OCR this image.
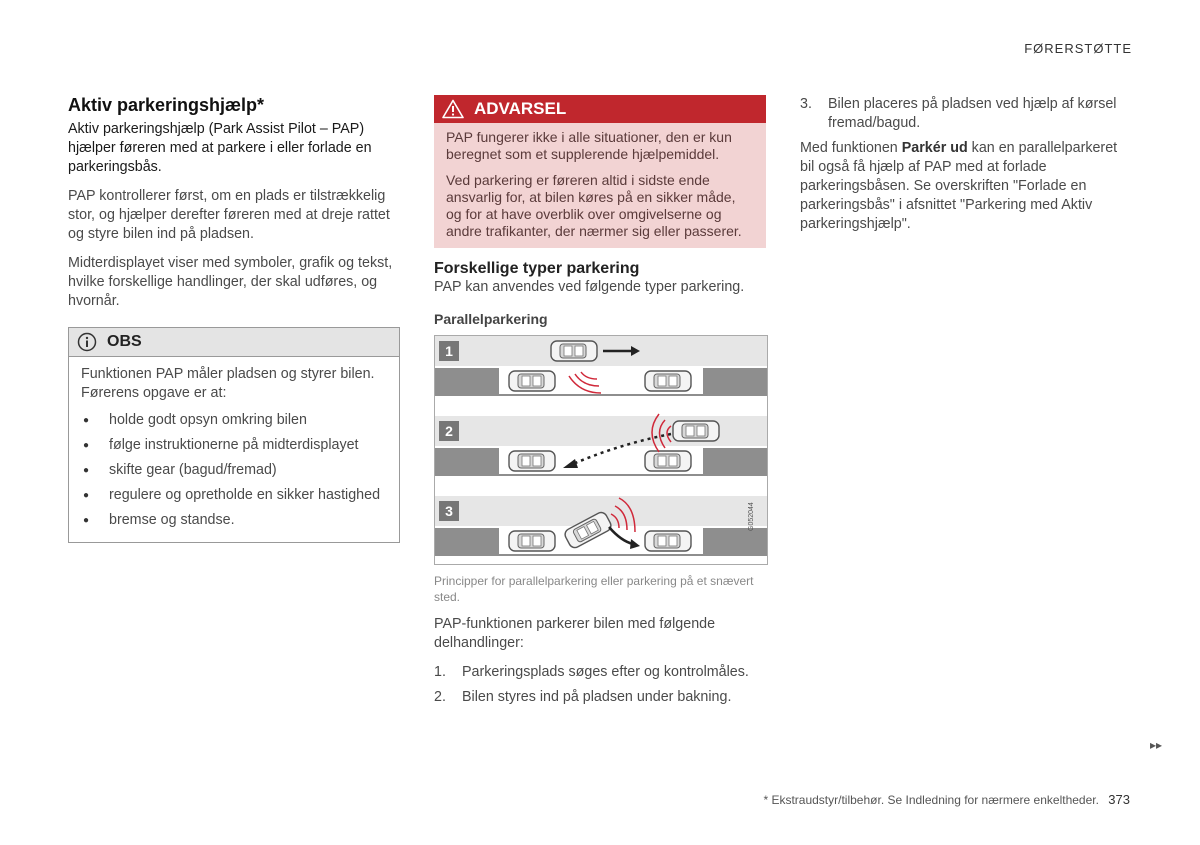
FØRERSTØTTE
Aktiv parkeringshjælp*

Aktiv parkeringshjælp (Park Assist Pilot – PAP) hjælper føreren med at parkere i eller forlade en parkeringsbås.

PAP kontrollerer først, om en plads er tilstrækkelig stor, og hjælper derefter føreren med at dreje rattet og styre bilen ind på pladsen.

Midterdisplayet viser med symboler, grafik og tekst, hvilke forskellige handlinger, der skal udføres, og hvornår.

OBS

Funktionen PAP måler pladsen og styrer bilen. Førerens opgave er at:

● holde godt opsyn omkring bilen
● følge instruktionerne på midterdisplayet
● skifte gear (bagud/fremad)
● regulere og opretholde en sikker hastighed
● bremse og standse.
ADVARSEL

PAP fungerer ikke i alle situationer, den er kun beregnet som et supplerende hjælpemiddel.

Ved parkering er føreren altid i sidste ende ansvarlig for, at bilen køres på en sikker måde, og for at have overblik over omgivelserne og andre trafikanter, der nærmer sig eller passerer.

Forskellige typer parkering

PAP kan anvendes ved følgende typer parkering.

Parallelparkering
1
2
3	G052044
Principper for parallelparkering eller parkering på et snævert sted.

PAP-funktionen parkerer bilen med følgende delhandlinger:

1. Parkeringsplads søges efter og kontrolmåles.
2. Bilen styres ind på pladsen under bakning.
3. Bilen placeres på pladsen ved hjælp af kørsel fremad/bagud.

Med funktionen Parkér ud kan en parallelparkeret bil også få hjælp af PAP med at forlade parkeringsbåsen. Se overskriften "Forlade en parkeringsbås" i afsnittet "Parkering med Aktiv parkeringshjælp".

▸▸
* Ekstraudstyr/tilbehør. Se Indledning for nærmere enkeltheder. 373
